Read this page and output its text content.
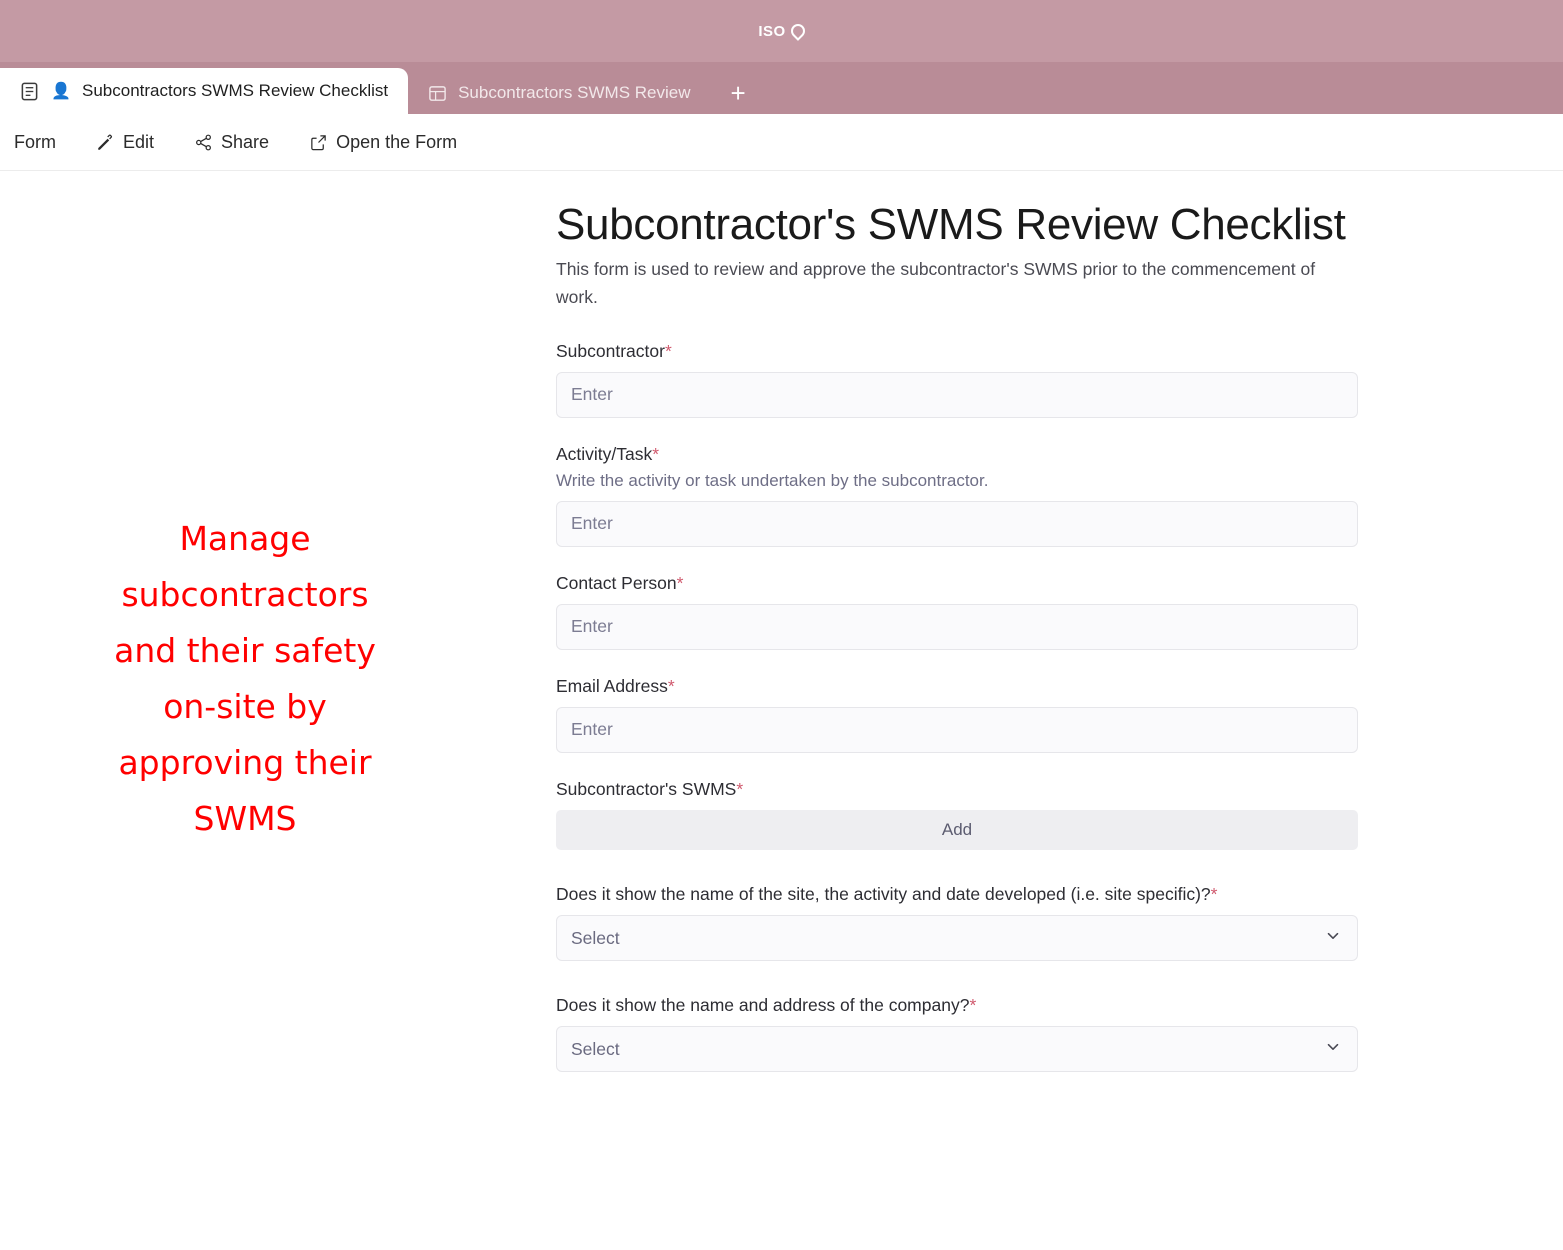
ISO
👤 Subcontractors SWMS Review Checklist	Subcontractors SWMS Review	+
Form	Edit	Share	Open the Form
Manage subcontractors and their safety on-site by approving their SWMS
Subcontractor's SWMS Review Checklist

This form is used to review and approve the subcontractor's SWMS prior to the commencement of work.

Subcontractor*
Enter
Activity/Task*
Write the activity or task undertaken by the subcontractor.
Enter
Contact Person*
Enter
Email Address*
Enter
Subcontractor's SWMS*
Add
Does it show the name of the site, the activity and date developed (i.e. site specific)?*
Select
Does it show the name and address of the company?*
Select
